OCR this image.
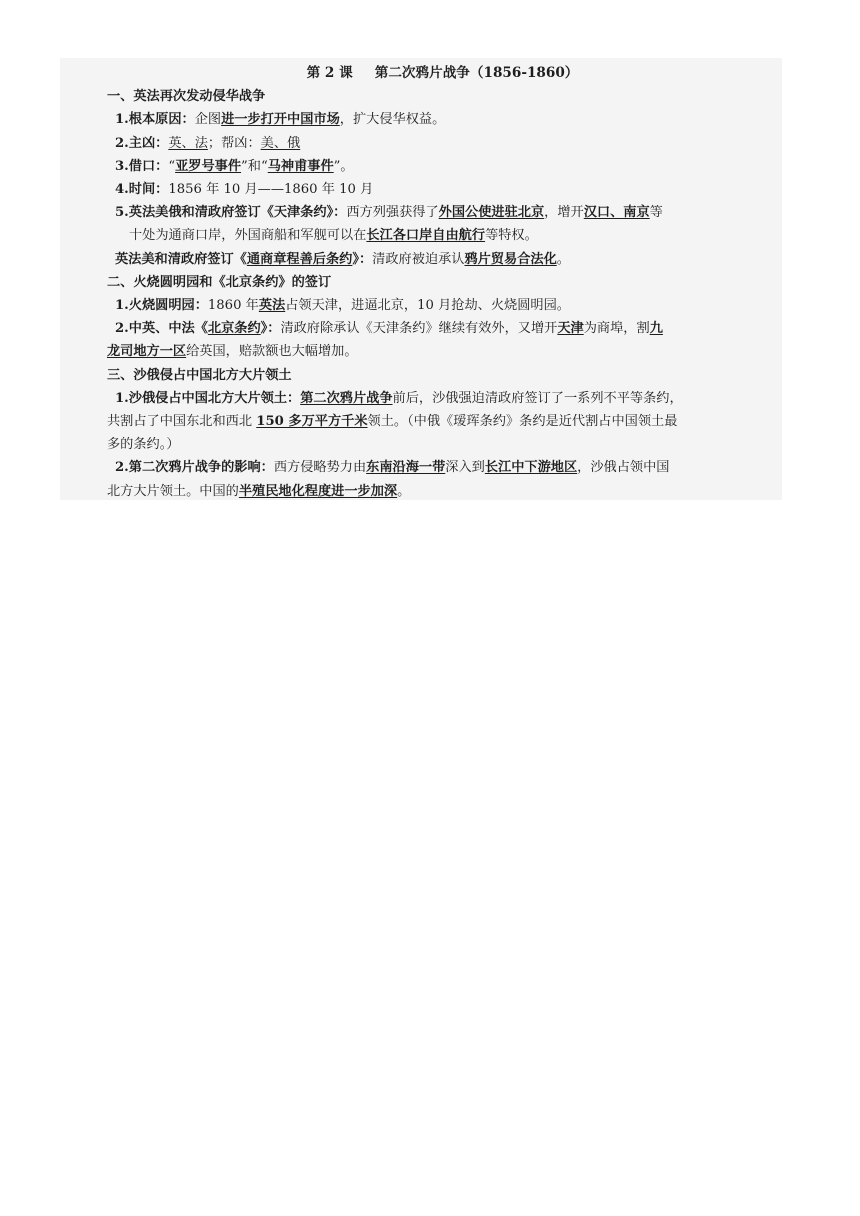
第 2 课 第二次鸦片战争（1856-1860）
一、英法再次发动侵华战争
1.根本原因：企图进一步打开中国市场，扩大侵华权益。
2.主凶：英、法；帮凶：美、俄
3.借口：“亚罗号事件”和“马神甫事件”。
4.时间：1856 年 10 月——1860 年 10 月
5.英法美俄和清政府签订《天津条约》：西方列强获得了外国公使进驻北京，增开汉口、南京等
十处为通商口岸，外国商船和军舰可以在长江各口岸自由航行等特权。
英法美和清政府签订《通商章程善后条约》：清政府被迫承认鸦片贸易合法化。
二、火烧圆明园和《北京条约》的签订
1.火烧圆明园：1860 年英法占领天津，进逼北京，10 月抢劫、火烧圆明园。
2.中英、中法《北京条约》：清政府除承认《天津条约》继续有效外，又增开天津为商埠，割九
龙司地方一区给英国，赔款额也大幅增加。
三、沙俄侵占中国北方大片领土
1.沙俄侵占中国北方大片领土：第二次鸦片战争前后，沙俄强迫清政府签订了一系列不平等条约，
共割占了中国东北和西北 150 多万平方千米领土。（中俄《瑷珲条约》条约是近代割占中国领土最
多的条约。）
2.第二次鸦片战争的影响：西方侵略势力由东南沿海一带深入到长江中下游地区，沙俄占领中国
北方大片领土。中国的半殖民地化程度进一步加深。
